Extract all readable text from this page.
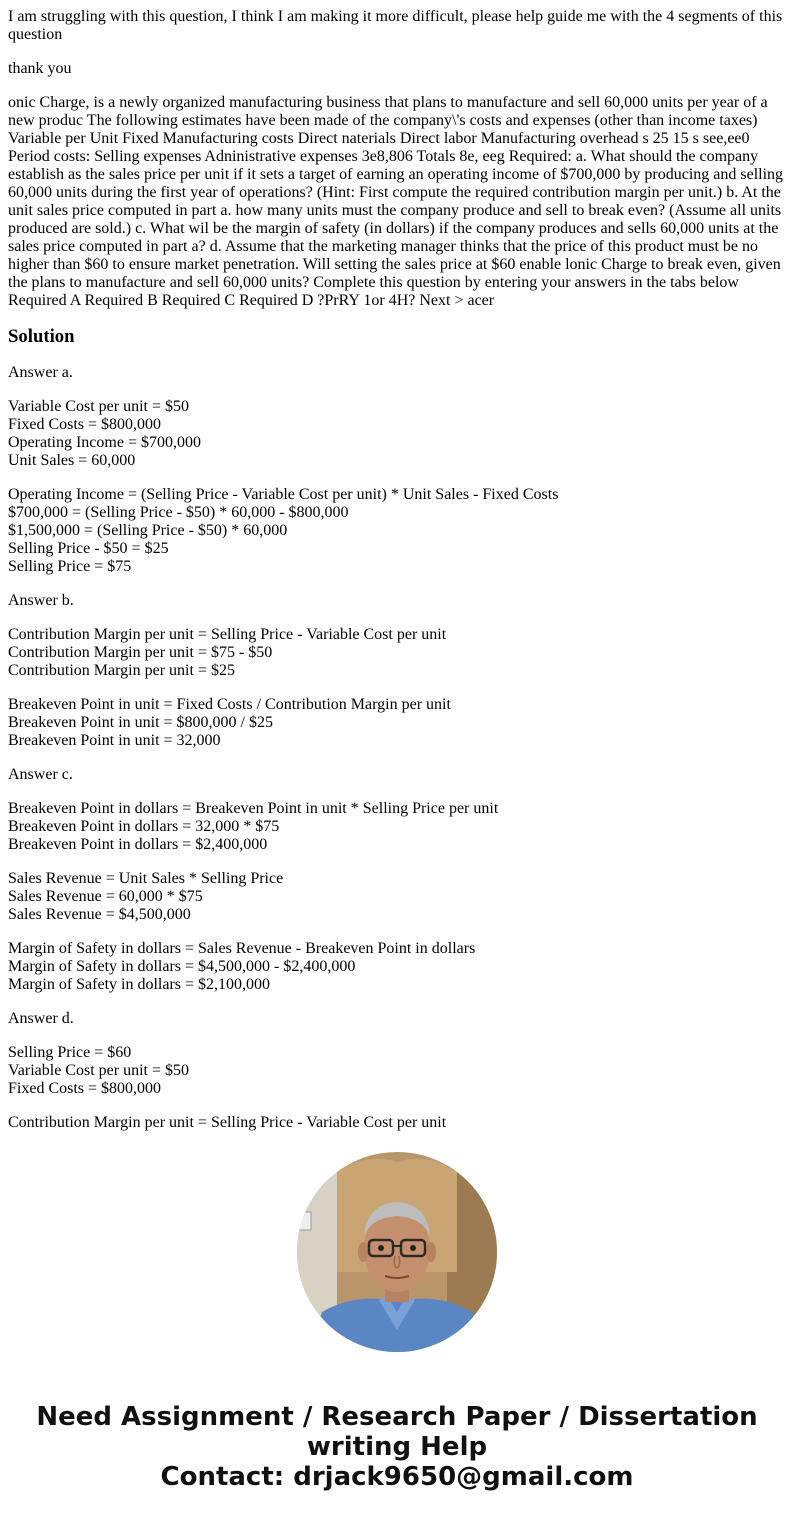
I am struggling with this question, I think I am making it more difficult, please help guide me with the 4 segments of this question

thank you

onic Charge, is a newly organized manufacturing business that plans to manufacture and sell 60,000 units per year of a new produc The following estimates have been made of the company\'s costs and expenses (other than income taxes) Variable per Unit Fixed Manufacturing costs Direct naterials Direct labor Manufacturing overhead s 25 15 s see,ee0 Period costs: Selling expenses Adninistrative expenses 3e8,806 Totals 8e, eeg Required: a. What should the company establish as the sales price per unit if it sets a target of earning an operating income of $700,000 by producing and selling 60,000 units during the first year of operations? (Hint: First compute the required contribution margin per unit.) b. At the unit sales price computed in part a. how many units must the company produce and sell to break even? (Assume all units produced are sold.) c. What wil be the margin of safety (in dollars) if the company produces and sells 60,000 units at the sales price computed in part a? d. Assume that the marketing manager thinks that the price of this product must be no higher than $60 to ensure market penetration. Will setting the sales price at $60 enable lonic Charge to break even, given the plans to manufacture and sell 60,000 units? Complete this question by entering your answers in the tabs below Required A Required B Required C Required D ?PrRY 1or 4H? Next > acer

Solution

Answer a.

Variable Cost per unit = $50
Fixed Costs = $800,000
Operating Income = $700,000
Unit Sales = 60,000

Operating Income = (Selling Price - Variable Cost per unit) * Unit Sales - Fixed Costs
$700,000 = (Selling Price - $50) * 60,000 - $800,000
$1,500,000 = (Selling Price - $50) * 60,000
Selling Price - $50 = $25
Selling Price = $75

Answer b.

Contribution Margin per unit = Selling Price - Variable Cost per unit
Contribution Margin per unit = $75 - $50
Contribution Margin per unit = $25

Breakeven Point in unit = Fixed Costs / Contribution Margin per unit
Breakeven Point in unit = $800,000 / $25
Breakeven Point in unit = 32,000

Answer c.

Breakeven Point in dollars = Breakeven Point in unit * Selling Price per unit
Breakeven Point in dollars = 32,000 * $75
Breakeven Point in dollars = $2,400,000

Sales Revenue = Unit Sales * Selling Price
Sales Revenue = 60,000 * $75
Sales Revenue = $4,500,000

Margin of Safety in dollars = Sales Revenue - Breakeven Point in dollars
Margin of Safety in dollars = $4,500,000 - $2,400,000
Margin of Safety in dollars = $2,100,000

Answer d.

Selling Price = $60
Variable Cost per unit = $50
Fixed Costs = $800,000

Contribution Margin per unit = Selling Price - Variable Cost per unit

Need Assignment / Research Paper / Dissertation
writing Help
Contact: drjack9650@gmail.com
